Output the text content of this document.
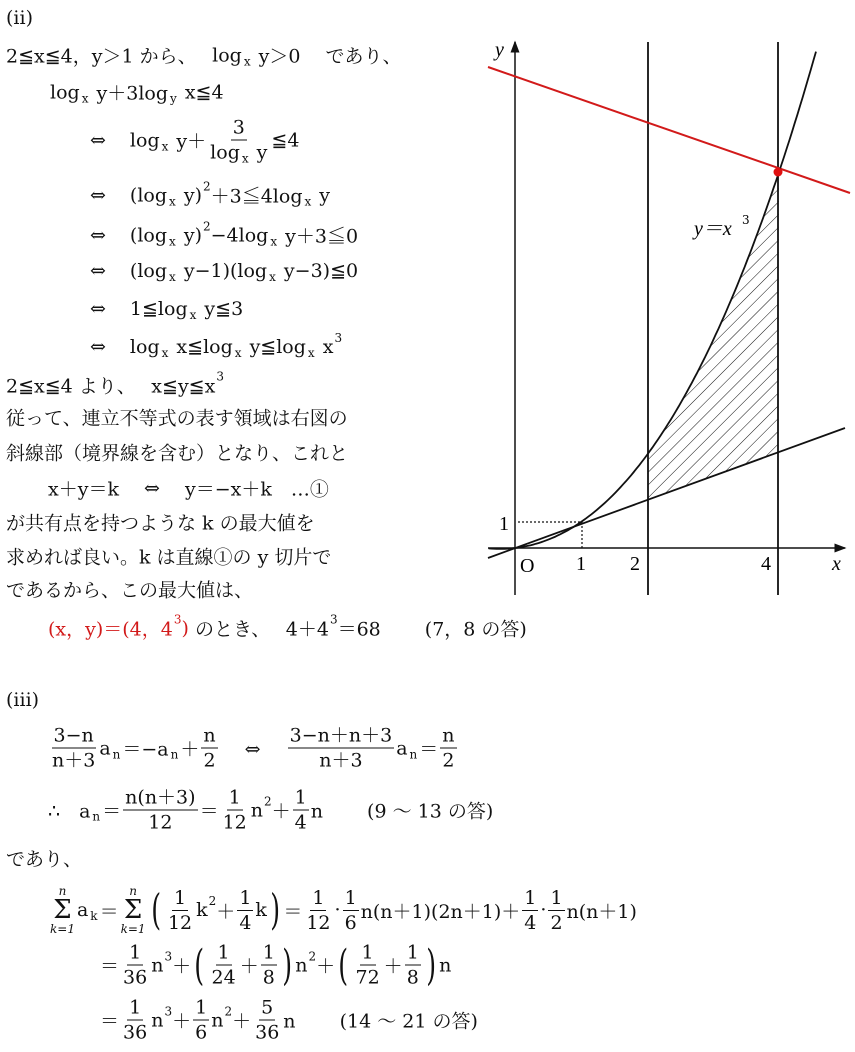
(ii)
2≦x≦4，y＞1 から、　 log x y＞0　 であり、
log x y＋3log y x≦4
⇔ log x $y+ \frac{3}{\text{log x y}}$ ≦4
⇔ (log x y) 2 ＋3≦4log x y
⇔ (log x y) 2 −4log x y＋3≦0
⇔ (log x y−1)(log x y−3)≦0
⇔ 1≦log x y≦3
⇔ log x x≦log x y≦log x x 3
2≦x≦4 より、　 x≦y≦x 3
従って、連立不等式の表す領域は右図の
斜線部（境界線を含む）となり、これと
x＋y＝k　 ⇔ 　 y＝−x＋k　…①
が共有点を持つような k の最大値を
求めれば良い。k は直線①の y 切片で
であるから、この最大値は、
(x，y)＝(4，4 3 ) のとき、　 4＋4 3 ＝68　　 (7，8 の答)
(iii)
$\frac{3-n}{n+3}$ a n ＝−a $n + \frac{n}{2}$ 　 ⇔　 $\frac{3-n+n+3}{n+3}$ a $n = \frac{n}{2}$
∴　a $n = \frac{n(n+3)}{12} = \frac{1}{12}$ n $2 + \frac{1}{4}$ n　　 (9 〜 13 の答)
であり、
n
Σ
k=1
a k ＝
n
Σ
k=1 ( $\frac{1}{12}$ k $2 + \frac{1}{4}$ k ) ＝ $\frac{1}{12} \cdot \frac{1}{6} n(n+1)(2n+1)+ \frac{1}{4} \cdot \frac{1}{2} n(n+1)$
＝ $\frac{1}{36}$ n 3 ＋ ( $\frac{1}{24} + \frac{1}{8}$ ) n 2 ＋ ( $\frac{1}{72} + \frac{1}{8}$ ) n
＝ $\frac{1}{36}$ n $3 + \frac{1}{6}$ n $2 + \frac{5}{36}$ n　　 (14 〜 21 の答)
y
x
O 1 2	4
1
y＝x 3
